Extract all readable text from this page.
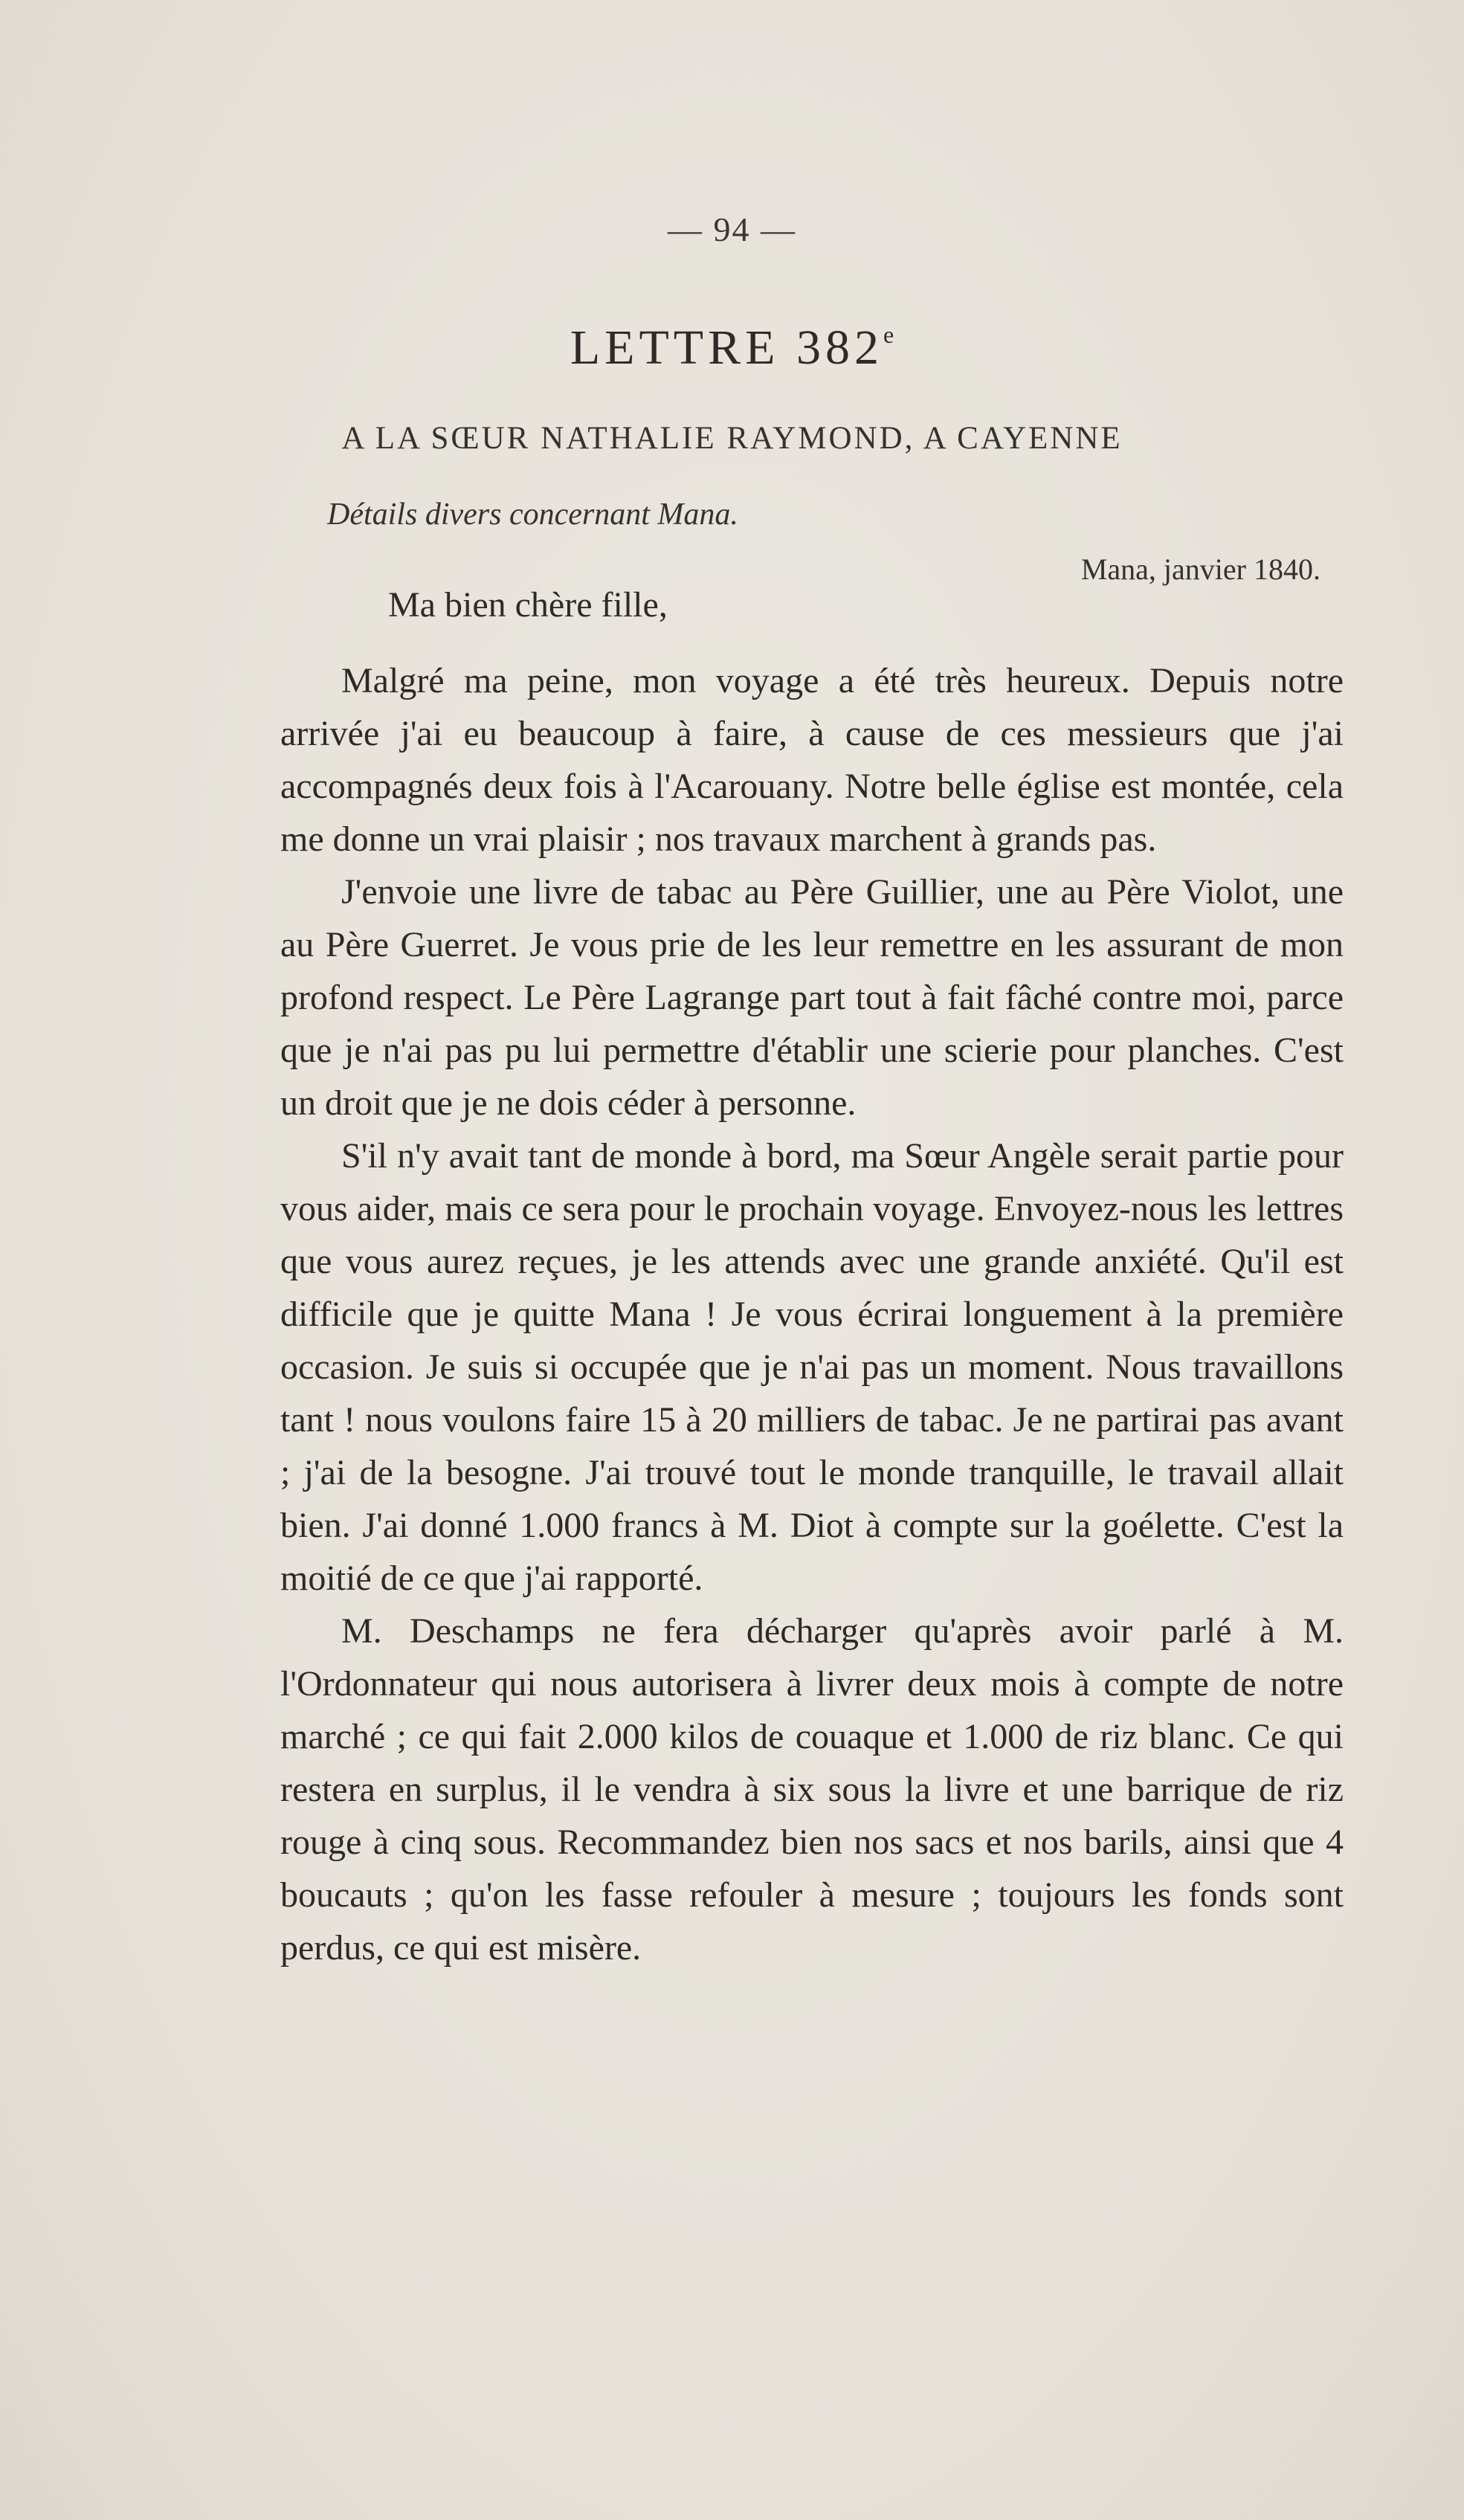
— 94 —
LETTRE 382e
A LA SŒUR NATHALIE RAYMOND, A CAYENNE
Détails divers concernant Mana.
Mana, janvier 1840.
Ma bien chère fille,

Malgré ma peine, mon voyage a été très heureux. Depuis notre arrivée j'ai eu beaucoup à faire, à cause de ces messieurs que j'ai accompagnés deux fois à l'Acarouany. Notre belle église est montée, cela me donne un vrai plaisir ; nos travaux marchent à grands pas.

J'envoie une livre de tabac au Père Guillier, une au Père Violot, une au Père Guerret. Je vous prie de les leur remettre en les assurant de mon profond respect. Le Père Lagrange part tout à fait fâché contre moi, parce que je n'ai pas pu lui permettre d'établir une scierie pour planches. C'est un droit que je ne dois céder à personne.

S'il n'y avait tant de monde à bord, ma Sœur Angèle serait partie pour vous aider, mais ce sera pour le prochain voyage. Envoyez-nous les lettres que vous aurez reçues, je les attends avec une grande anxiété. Qu'il est difficile que je quitte Mana ! Je vous écrirai longuement à la première occasion. Je suis si occupée que je n'ai pas un moment. Nous travaillons tant ! nous voulons faire 15 à 20 milliers de tabac. Je ne partirai pas avant ; j'ai de la besogne. J'ai trouvé tout le monde tranquille, le travail allait bien. J'ai donné 1.000 francs à M. Diot à compte sur la goélette. C'est la moitié de ce que j'ai rapporté.

M. Deschamps ne fera décharger qu'après avoir parlé à M. l'Ordonnateur qui nous autorisera à livrer deux mois à compte de notre marché ; ce qui fait 2.000 kilos de couaque et 1.000 de riz blanc. Ce qui restera en surplus, il le vendra à six sous la livre et une barrique de riz rouge à cinq sous. Recommandez bien nos sacs et nos barils, ainsi que 4 boucauts ; qu'on les fasse refouler à mesure ; toujours les fonds sont perdus, ce qui est misère.
